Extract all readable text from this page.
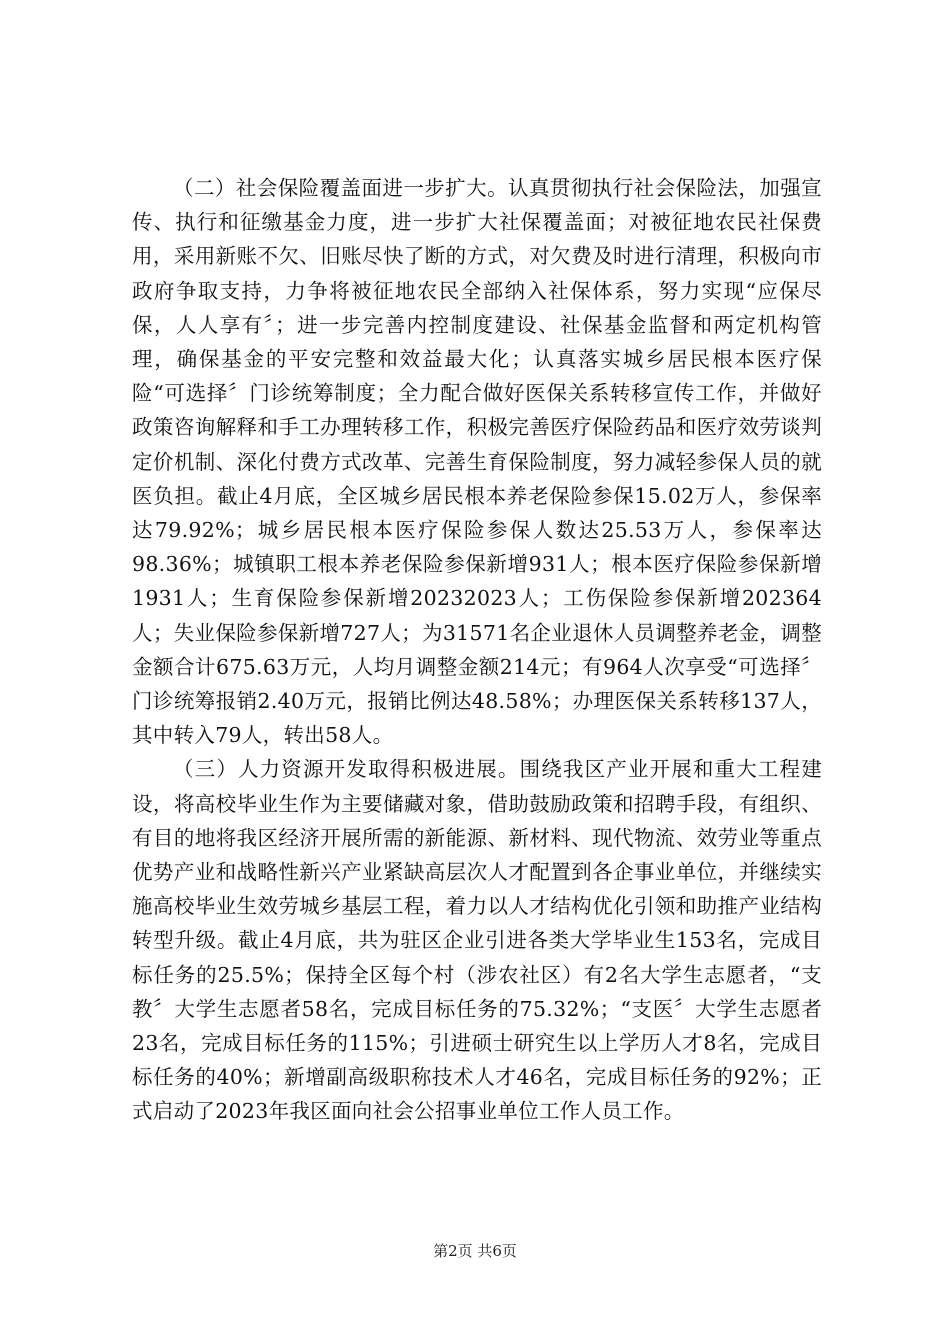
（二）社会保险覆盖面进一步扩大。认真贯彻执行社会保险法，加强宣传、执行和征缴基金力度，进一步扩大社保覆盖面；对被征地农民社保费用，采用新账不欠、旧账尽快了断的方式，对欠费及时进行清理，积极向市政府争取支持，力争将被征地农民全部纳入社保体系，努力实现“应保尽保，人人享有〞；进一步完善内控制度建设、社保基金监督和两定机构管理，确保基金的平安完整和效益最大化；认真落实城乡居民根本医疗保险“可选择〞门诊统筹制度；全力配合做好医保关系转移宣传工作，并做好政策咨询解释和手工办理转移工作，积极完善医疗保险药品和医疗效劳谈判定价机制、深化付费方式改革、完善生育保险制度，努力减轻参保人员的就医负担。截止4月底，全区城乡居民根本养老保险参保15.02万人，参保率达79.92%；城乡居民根本医疗保险参保人数达25.53万人，参保率达98.36%；城镇职工根本养老保险参保新增931人；根本医疗保险参保新增1931人；生育保险参保新增20232023人；工伤保险参保新增202364人；失业保险参保新增727人；为31571名企业退休人员调整养老金，调整金额合计675.63万元，人均月调整金额214元；有964人次享受“可选择〞门诊统筹报销2.40万元，报销比例达48.58%；办理医保关系转移137人，其中转入79人，转出58人。

（三）人力资源开发取得积极进展。围绕我区产业开展和重大工程建设，将高校毕业生作为主要储藏对象，借助鼓励政策和招聘手段，有组织、有目的地将我区经济开展所需的新能源、新材料、现代物流、效劳业等重点优势产业和战略性新兴产业紧缺高层次人才配置到各企事业单位，并继续实施高校毕业生效劳城乡基层工程，着力以人才结构优化引领和助推产业结构转型升级。截止4月底，共为驻区企业引进各类大学毕业生153名，完成目标任务的25.5%；保持全区每个村（涉农社区）有2名大学生志愿者，“支教〞大学生志愿者58名，完成目标任务的75.32%；“支医〞大学生志愿者23名，完成目标任务的115%；引进硕士研究生以上学历人才8名，完成目标任务的40%；新增副高级职称技术人才46名，完成目标任务的92%；正式启动了2023年我区面向社会公招事业单位工作人员工作。

第2页 共6页
